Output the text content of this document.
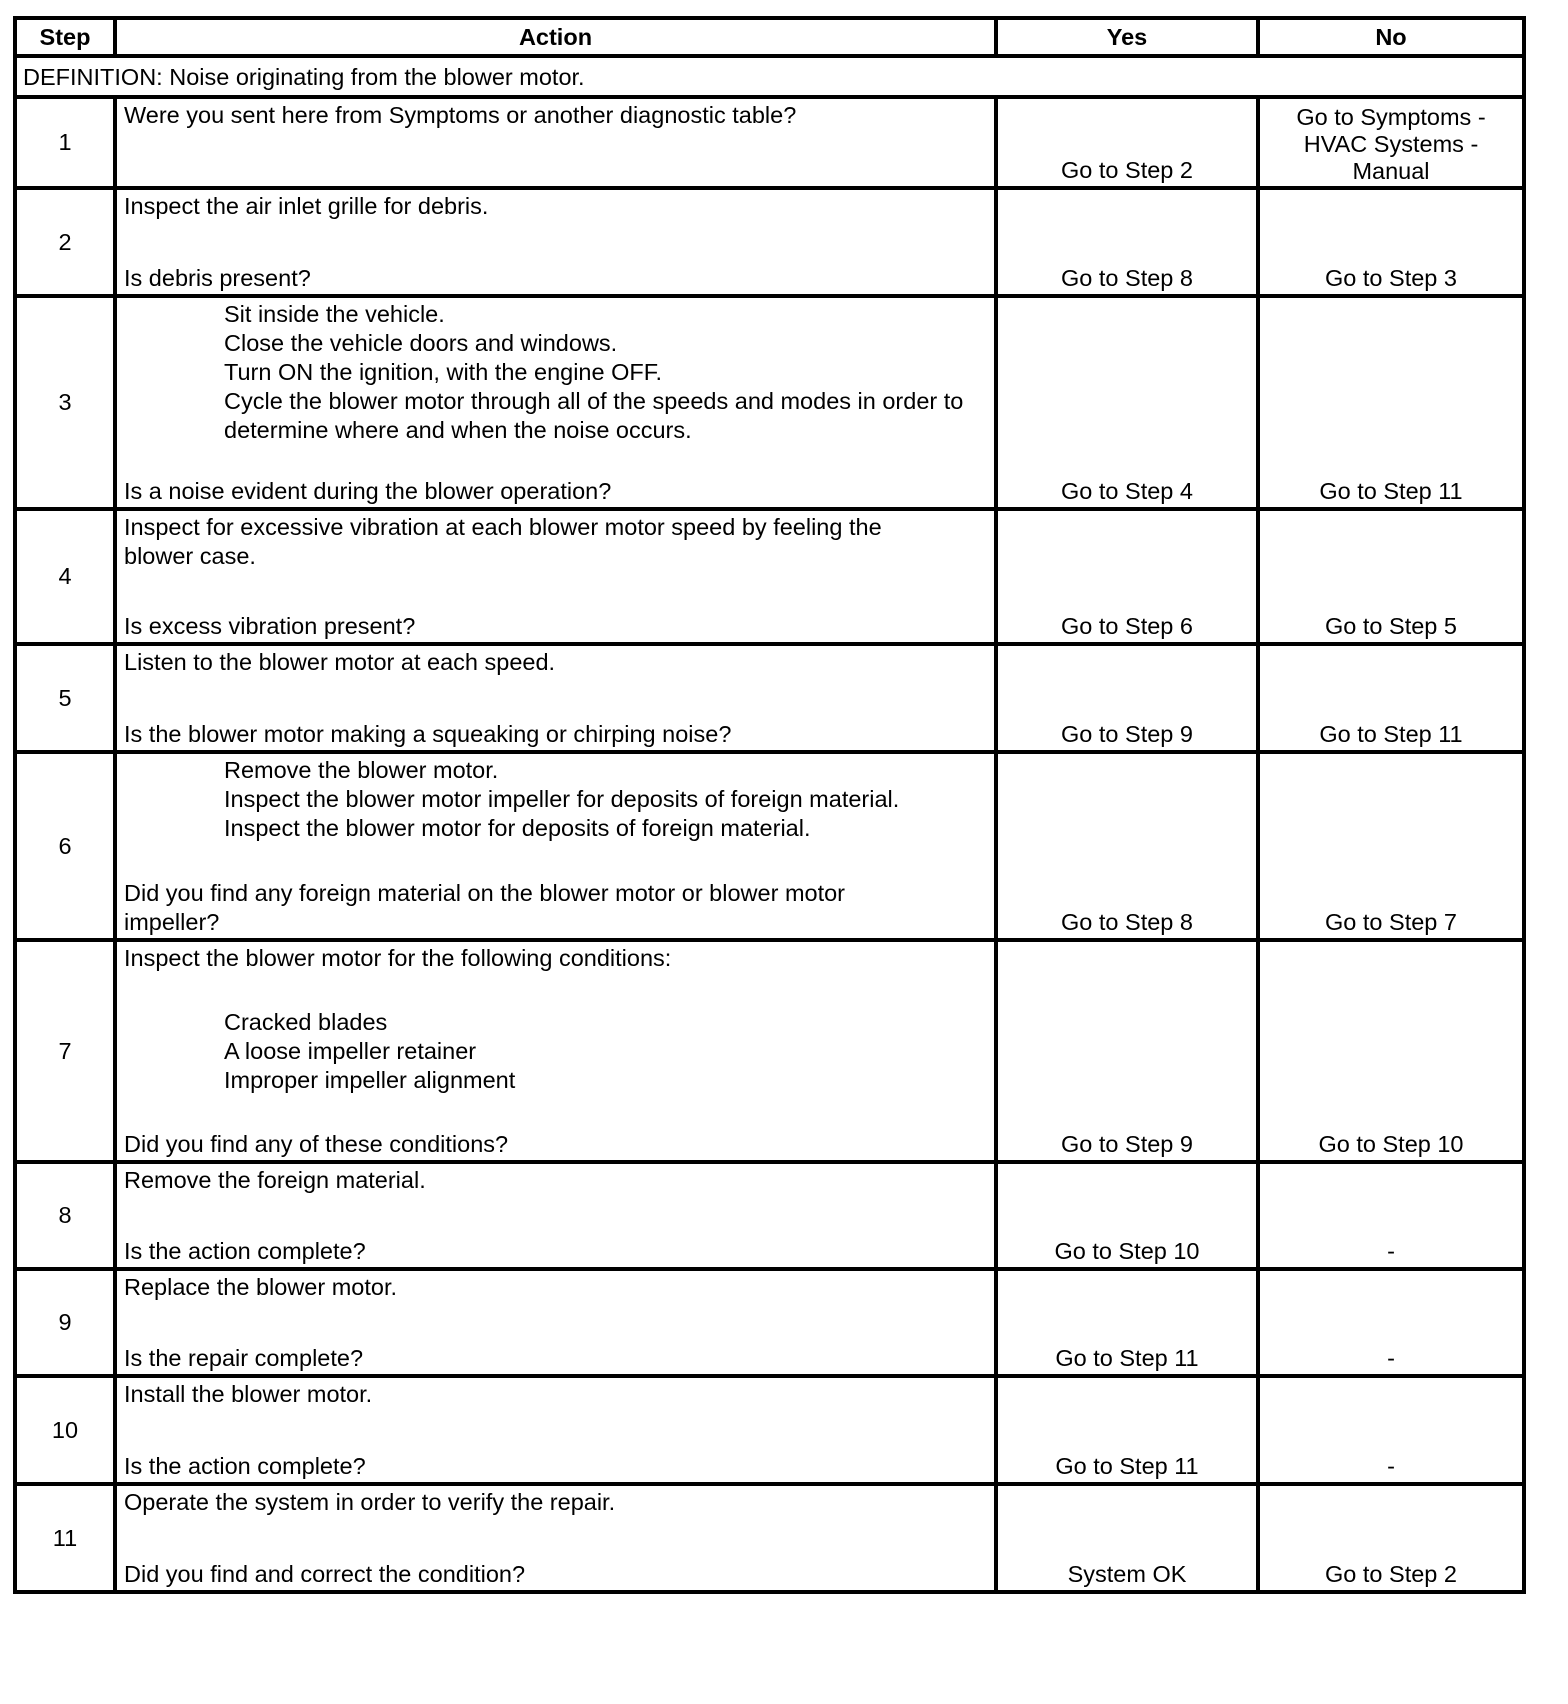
Step	Action	Yes	No
DEFINITION: Noise originating from the blower motor.			
1	Were you sent here from Symptoms or another diagnostic table?	Go to Step 2	Go to Symptoms - HVAC Systems - Manual
2	Inspect the air inlet grille for debris.
Is debris present?	Go to Step 8	Go to Step 3
3	Sit inside the vehicle.
Close the vehicle doors and windows.
Turn ON the ignition, with the engine OFF.
Cycle the blower motor through all of the speeds and modes in order to determine where and when the noise occurs.
Is a noise evident during the blower operation?	Go to Step 4	Go to Step 11
4	Inspect for excessive vibration at each blower motor speed by feeling the blower case.
Is excess vibration present?	Go to Step 6	Go to Step 5
5	Listen to the blower motor at each speed.
Is the blower motor making a squeaking or chirping noise?	Go to Step 9	Go to Step 11
6	Remove the blower motor.
Inspect the blower motor impeller for deposits of foreign material.
Inspect the blower motor for deposits of foreign material.
Did you find any foreign material on the blower motor or blower motor impeller?	Go to Step 8	Go to Step 7
7	Inspect the blower motor for the following conditions:
Cracked blades
A loose impeller retainer
Improper impeller alignment
Did you find any of these conditions?	Go to Step 9	Go to Step 10
8	Remove the foreign material.
Is the action complete?	Go to Step 10	-
9	Replace the blower motor.
Is the repair complete?	Go to Step 11	-
10	Install the blower motor.
Is the action complete?	Go to Step 11	-
11	Operate the system in order to verify the repair.
Did you find and correct the condition?	System OK	Go to Step 2
